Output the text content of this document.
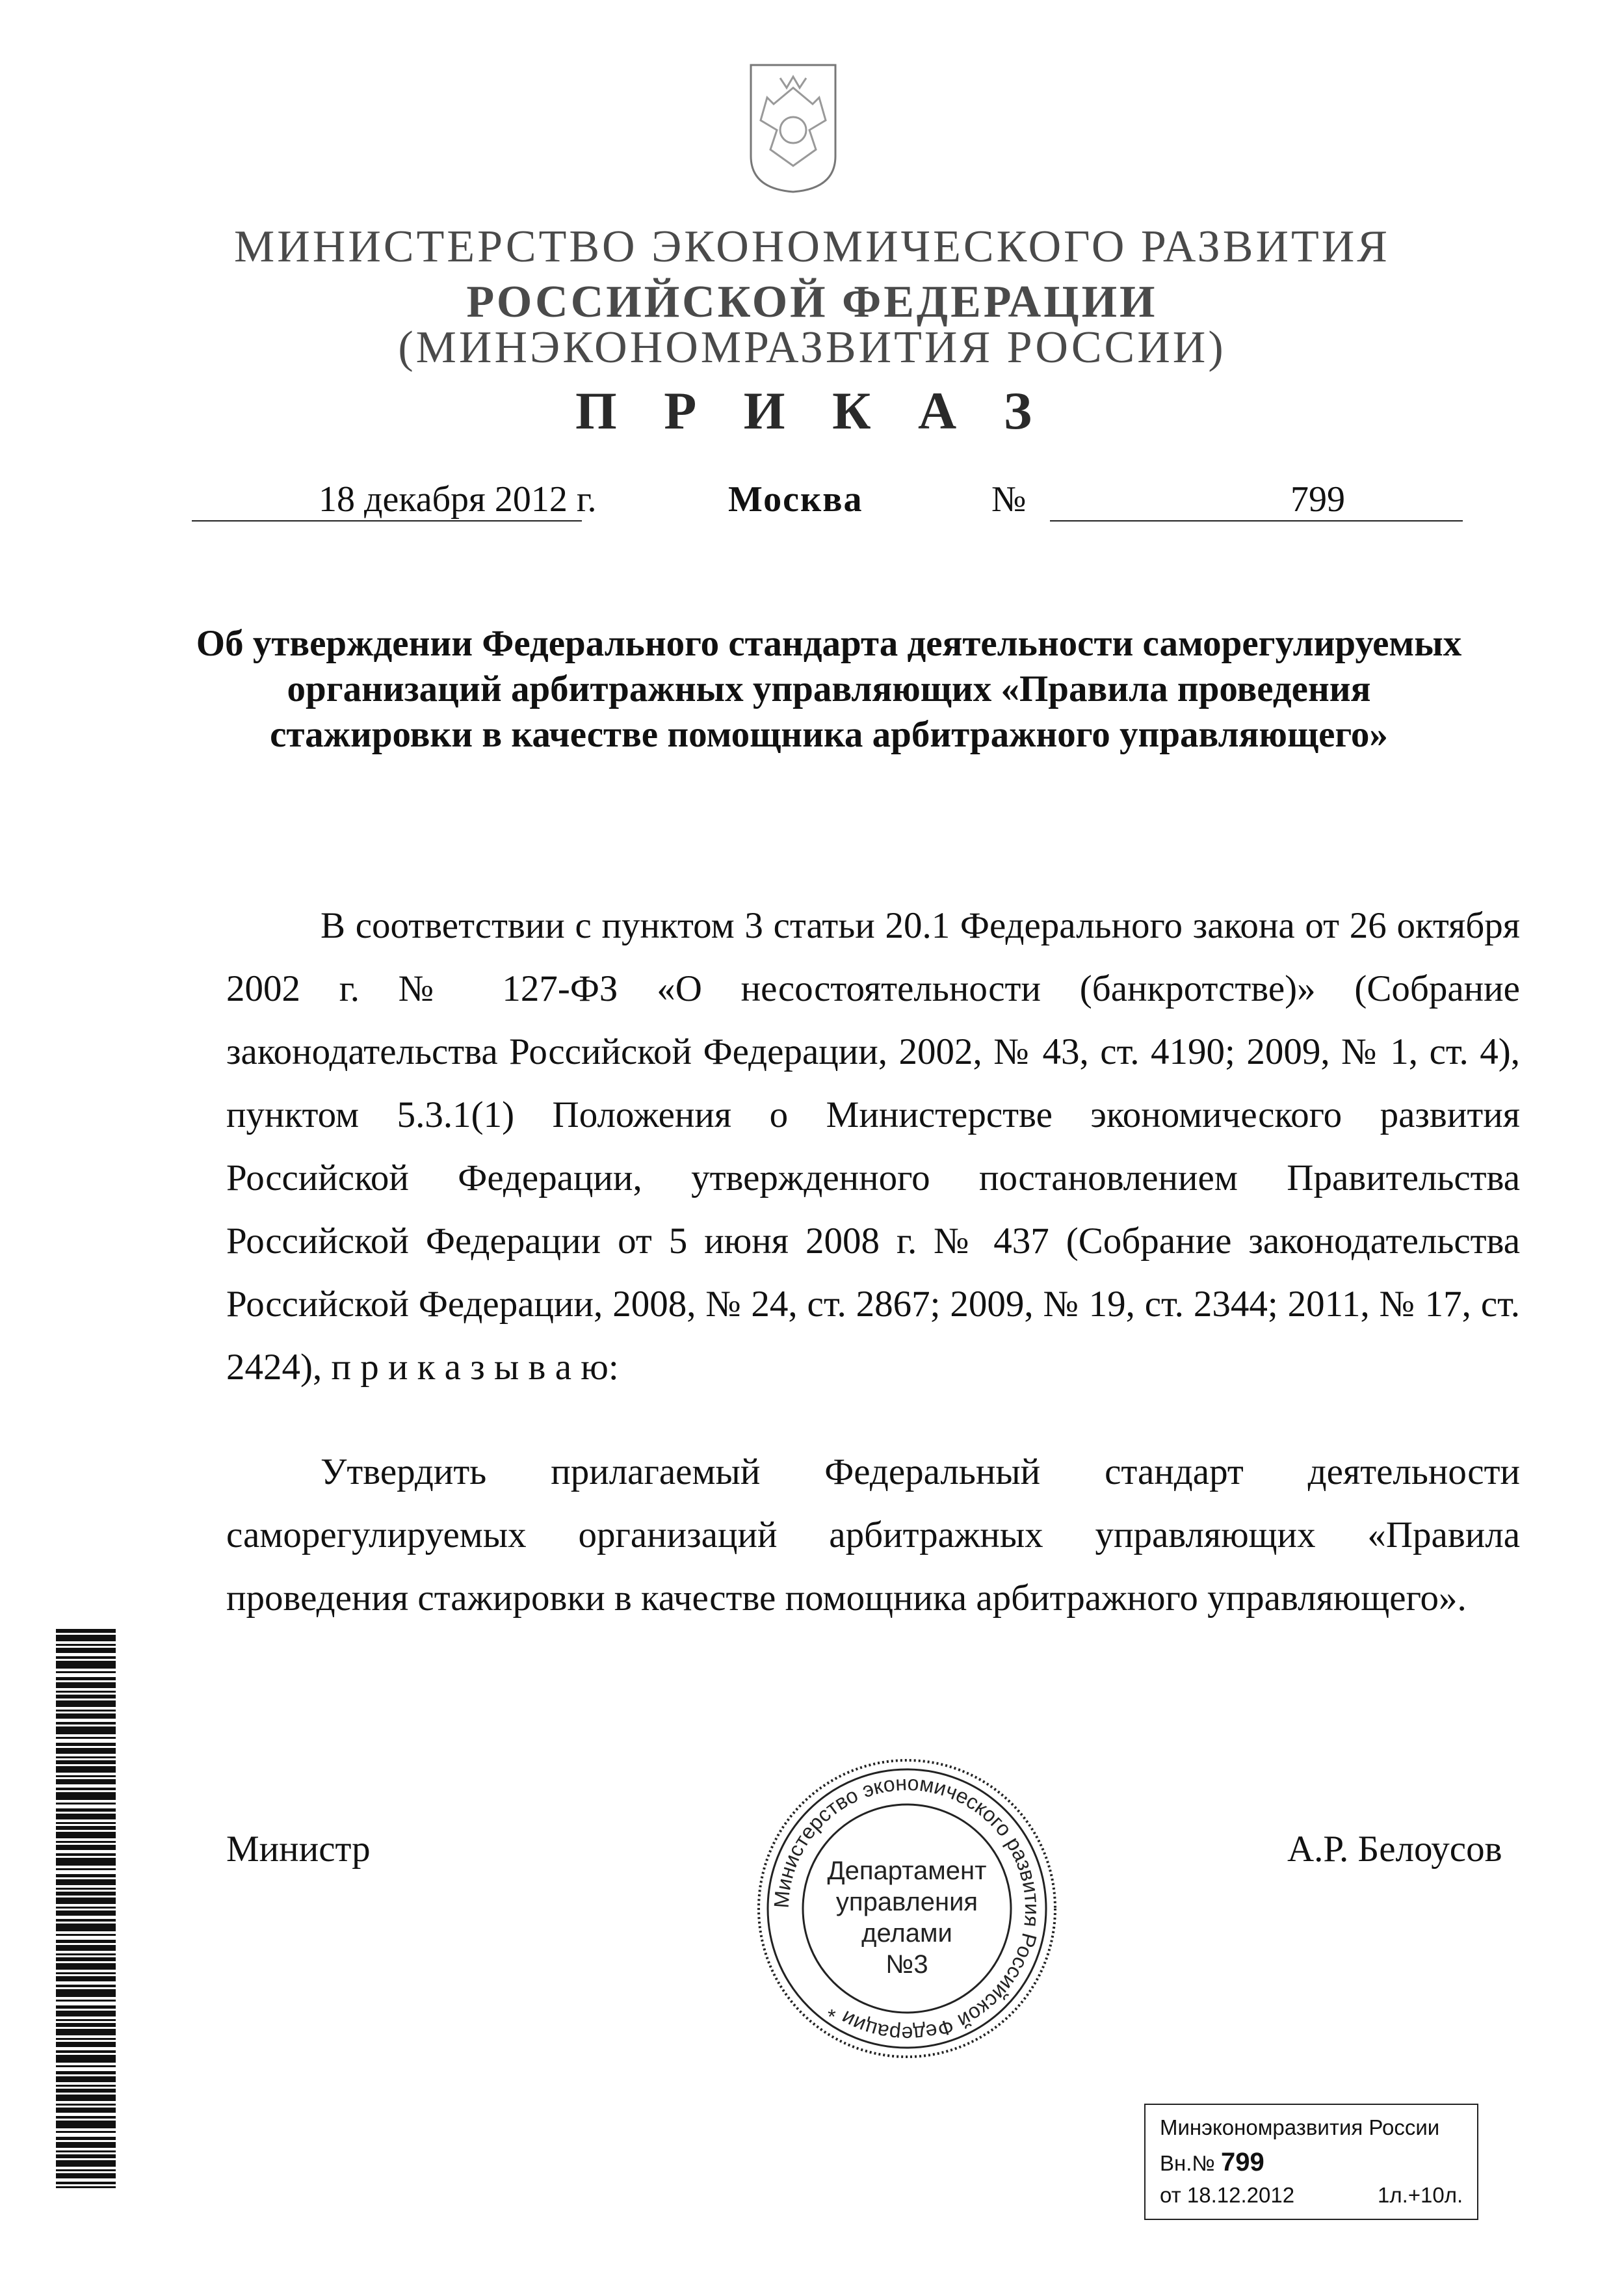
МИНИСТЕРСТВО ЭКОНОМИЧЕСКОГО РАЗВИТИЯ
РОССИЙСКОЙ ФЕДЕРАЦИИ
(МИНЭКОНОМРАЗВИТИЯ РОССИИ)
П Р И К А З
18 декабря 2012 г.	Москва	№	799
Об утверждении Федерального стандарта деятельности саморегулируемых
организаций арбитражных управляющих «Правила проведения
стажировки в качестве помощника арбитражного управляющего»
В соответствии с пунктом 3 статьи 20.1 Федерального закона от 26 октября 2002 г. № 127-ФЗ «О несостоятельности (банкротстве)» (Собрание законодательства Российской Федерации, 2002, № 43, ст. 4190; 2009, № 1, ст. 4), пунктом 5.3.1(1) Положения о Министерстве экономического развития Российской Федерации, утвержденного постановлением Правительства Российской Федерации от 5 июня 2008 г. № 437 (Собрание законодательства Российской Федерации, 2008, № 24, ст. 2867; 2009, № 19, ст. 2344; 2011, № 17, ст. 2424), п р и к а з ы в а ю:
Утвердить прилагаемый Федеральный стандарт деятельности саморегулируемых организаций арбитражных управляющих «Правила проведения стажировки в качестве помощника арбитражного управляющего».
Министр	А.Р. Белоусов
Министерство экономического развития Российской Федерации *
Департамент
управления
делами
№3
Минэкономразвития России
Вн.№ 799
от 18.12.2012	1л.+10л.
